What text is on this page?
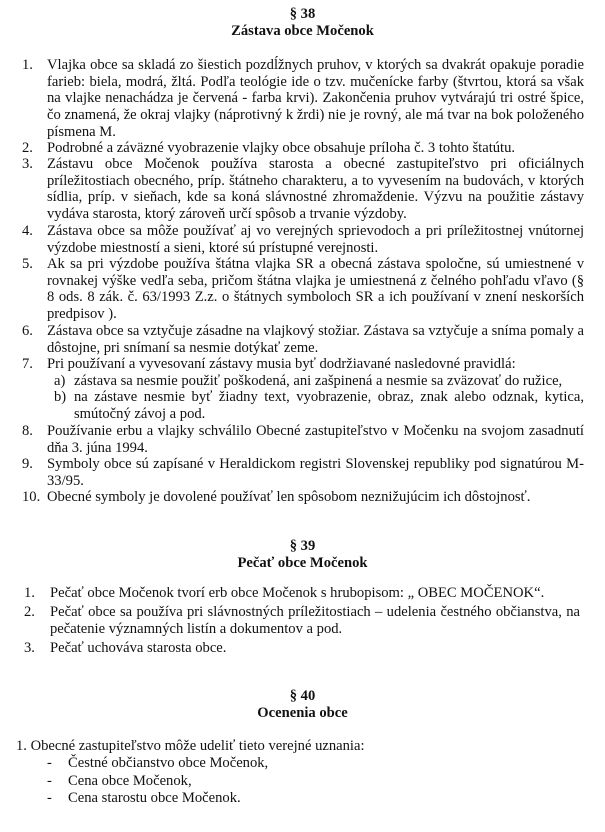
§ 38
Zástava obce Močenok
1. Vlajka obce sa skladá zo šiestich pozdĺžnych pruhov, v ktorých sa dvakrát opakuje poradie farieb: biela, modrá, žltá. Podľa teológie ide o tzv. mučenícke farby (štvrtou, ktorá sa však na vlajke nenachádza je červená - farba krvi). Zakončenia pruhov vytvárajú tri ostré špice, čo znamená, že okraj vlajky (náprotivný k žrdi) nie je rovný, ale má tvar na bok položeného písmena M.
2. Podrobné a záväzné vyobrazenie vlajky obce obsahuje príloha č. 3 tohto štatútu.
3. Zástavu obce Močenok používa starosta a obecné zastupiteľstvo pri oficiálnych príležitostiach obecného, príp. štátneho charakteru, a to vyvesením na budovách, v ktorých sídlia, príp. v sieňach, kde sa koná slávnostné zhromaždenie. Výzvu na použitie zástavy vydáva starosta, ktorý zároveň určí spôsob a trvanie výzdoby.
4. Zástava obce sa môže používať aj vo verejných sprievodoch a pri príležitostnej vnútornej výzdobe miestností a sieni, ktoré sú prístupné verejnosti.
5. Ak sa pri výzdobe používa štátna vlajka SR a obecná zástava spoločne, sú umiestnené v rovnakej výške vedľa seba, pričom štátna vlajka je umiestnená z čelného pohľadu vľavo (§ 8 ods. 8 zák. č. 63/1993 Z.z. o štátnych symboloch SR a ich používaní v znení neskorších predpisov ).
6. Zástava obce sa vztyčuje zásadne na vlajkový stožiar. Zástava sa vztyčuje a sníma pomaly a dôstojne, pri snímaní sa nesmie dotýkať zeme.
7. Pri používaní a vyvesovaní zástavy musia byť dodržiavané nasledovné pravidlá:
a) zástava sa nesmie použiť poškodená, ani zašpinená a nesmie sa zväzovať do ružice,
b) na zástave nesmie byť žiadny text, vyobrazenie, obraz, znak alebo odznak, kytica, smútočný závoj a pod.
8. Používanie erbu a vlajky schválilo Obecné zastupiteľstvo v Močenku na svojom zasadnutí dňa 3. júna 1994.
9. Symboly obce sú zapísané v Heraldickom registri Slovenskej republiky pod signatúrou M-33/95.
10. Obecné symboly je dovolené používať len spôsobom neznižujúcim ich dôstojnosť.
§ 39
Pečať obce Močenok
1. Pečať obce Močenok tvorí erb obce Močenok s hrubopisom: „ OBEC MOČENOK“.
2. Pečať obce sa používa pri slávnostných príležitostiach – udelenia čestného občianstva, na pečatenie významných listín a dokumentov a pod.
3. Pečať uchováva starosta obce.
§ 40
Ocenenia obce
1. Obecné zastupiteľstvo môže udeliť tieto verejné uznania:
- Čestné občianstvo obce Močenok,
- Cena obce Močenok,
- Cena starostu obce Močenok.
